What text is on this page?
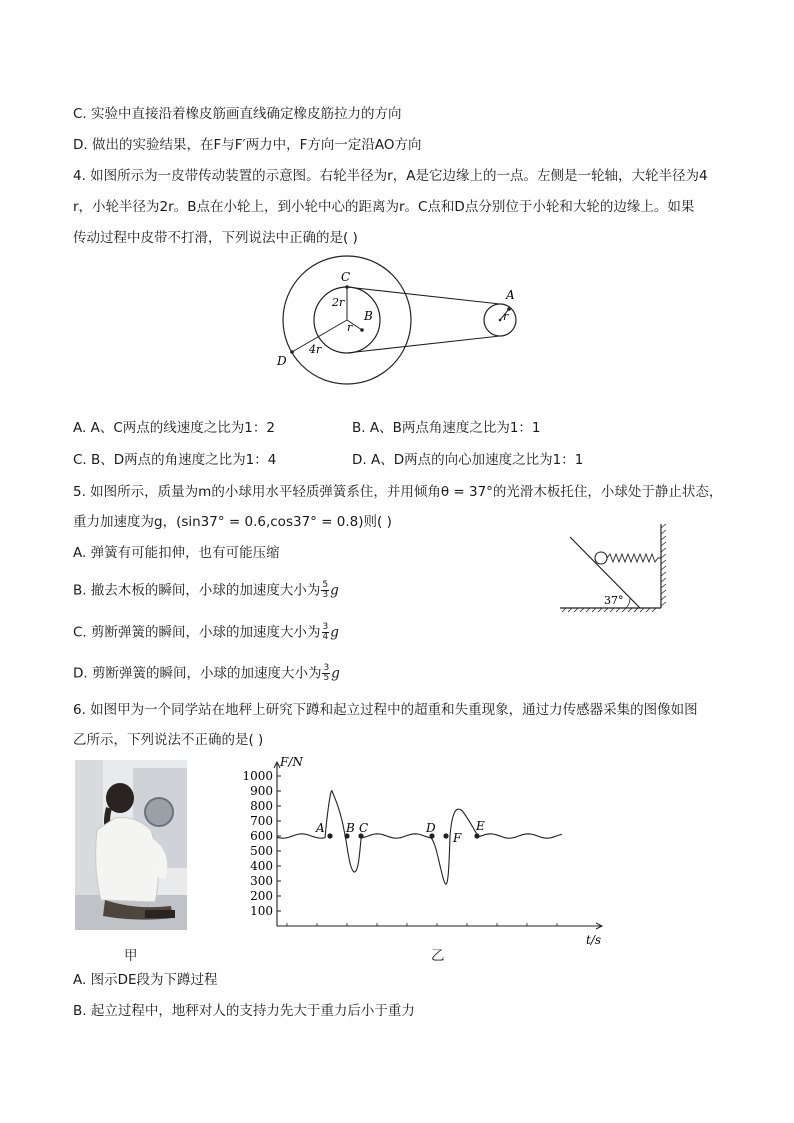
C. 实验中直接沿着橡皮筋画直线确定橡皮筋拉力的方向
D. 做出的实验结果，在F与F′两力中，F方向一定沿AO方向
4. 如图所示为一皮带传动装置的示意图。右轮半径为r，A是它边缘上的一点。左侧是一轮轴，大轮半径为4
r，小轮半径为2r。B点在小轮上，到小轮中心的距离为r。C点和D点分别位于小轮和大轮的边缘上。如果
传动过程中皮带不打滑，下列说法中正确的是( )
C
2r
B
r
4r
D
A
r
A. A、C两点的线速度之比为1：2	B. A、B两点角速度之比为1：1
C. B、D两点的角速度之比为1：4	D. A、D两点的向心加速度之比为1：1
5. 如图所示，质量为m的小球用水平轻质弹簧系住，并用倾角θ = 37°的光滑木板托住，小球处于静止状态，
重力加速度为g，(sin37° = 0.6,cos37° = 0.8)则( )
A. 弹簧有可能扣伸，也有可能压缩
B. 撤去木板的瞬间，小球的加速度大小为 $\frac{5}{3}$ g
C. 剪断弹簧的瞬间，小球的加速度大小为 $\frac{3}{4}$ g
D. 剪断弹簧的瞬间，小球的加速度大小为 $\frac{3}{5}$ g
37°
6. 如图甲为一个同学站在地秤上研究下蹲和起立过程中的超重和失重现象，通过力传感器采集的图像如图
乙所示，下列说法不正确的是( )
甲
100
200
300
400
500
600
700
800
900
1000
A B C	D
F
E
F/N
t/s
乙
A. 图示DE段为下蹲过程
B. 起立过程中，地秤对人的支持力先大于重力后小于重力
